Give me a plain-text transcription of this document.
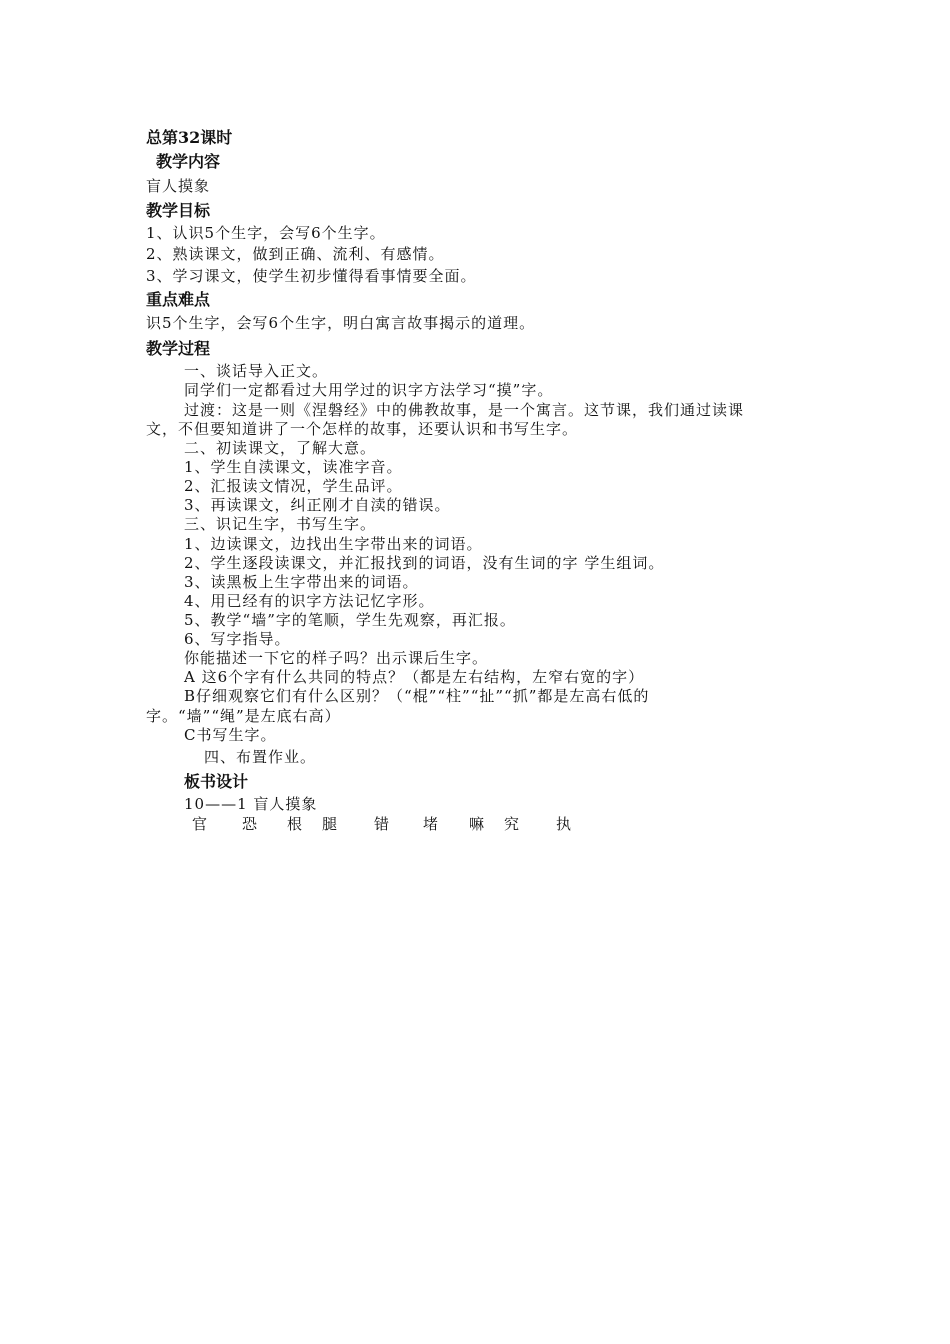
总第32课时
教学内容
盲人摸象
教学目标
1、认识5个生字，会写6个生字。
2、熟读课文，做到正确、流利、有感情。
3、学习课文，使学生初步懂得看事情要全面。
重点难点
识5个生字，会写6个生字，明白寓言故事揭示的道理。
教学过程
一、谈话导入正文。
同学们一定都看过大用学过的识字方法学习“摸”字。
过渡：这是一则《涅磐经》中的佛教故事，是一个寓言。这节课，我们通过读课
文，不但要知道讲了一个怎样的故事，还要认识和书写生字。
二、初读课文，了解大意。
1、学生自渎课文，读准字音。
2、汇报读文情况，学生品评。
3、再读课文，纠正刚才自渎的错误。
三、识记生字，书写生字。
1、边读课文，边找出生字带出来的词语。
2、学生逐段读课文，并汇报找到的词语，没有生词的字 学生组词。
3、读黑板上生字带出来的词语。
4、用已经有的识字方法记忆字形。
5、教学“墙”字的笔顺，学生先观察，再汇报。
6、写字指导。
你能描述一下它的样子吗？出示课后生字。
A 这6个字有什么共同的特点？（都是左右结构，左窄右宽的字）
B仔细观察它们有什么区别？（“棍”“柱”“扯”“抓”都是左高右低的
字。“墙”“绳”是左底右高）
C书写生字。
四、布置作业。
板书设计
10——1 盲人摸象
官 恐 根 腿 错 堵 嘛 究 执
